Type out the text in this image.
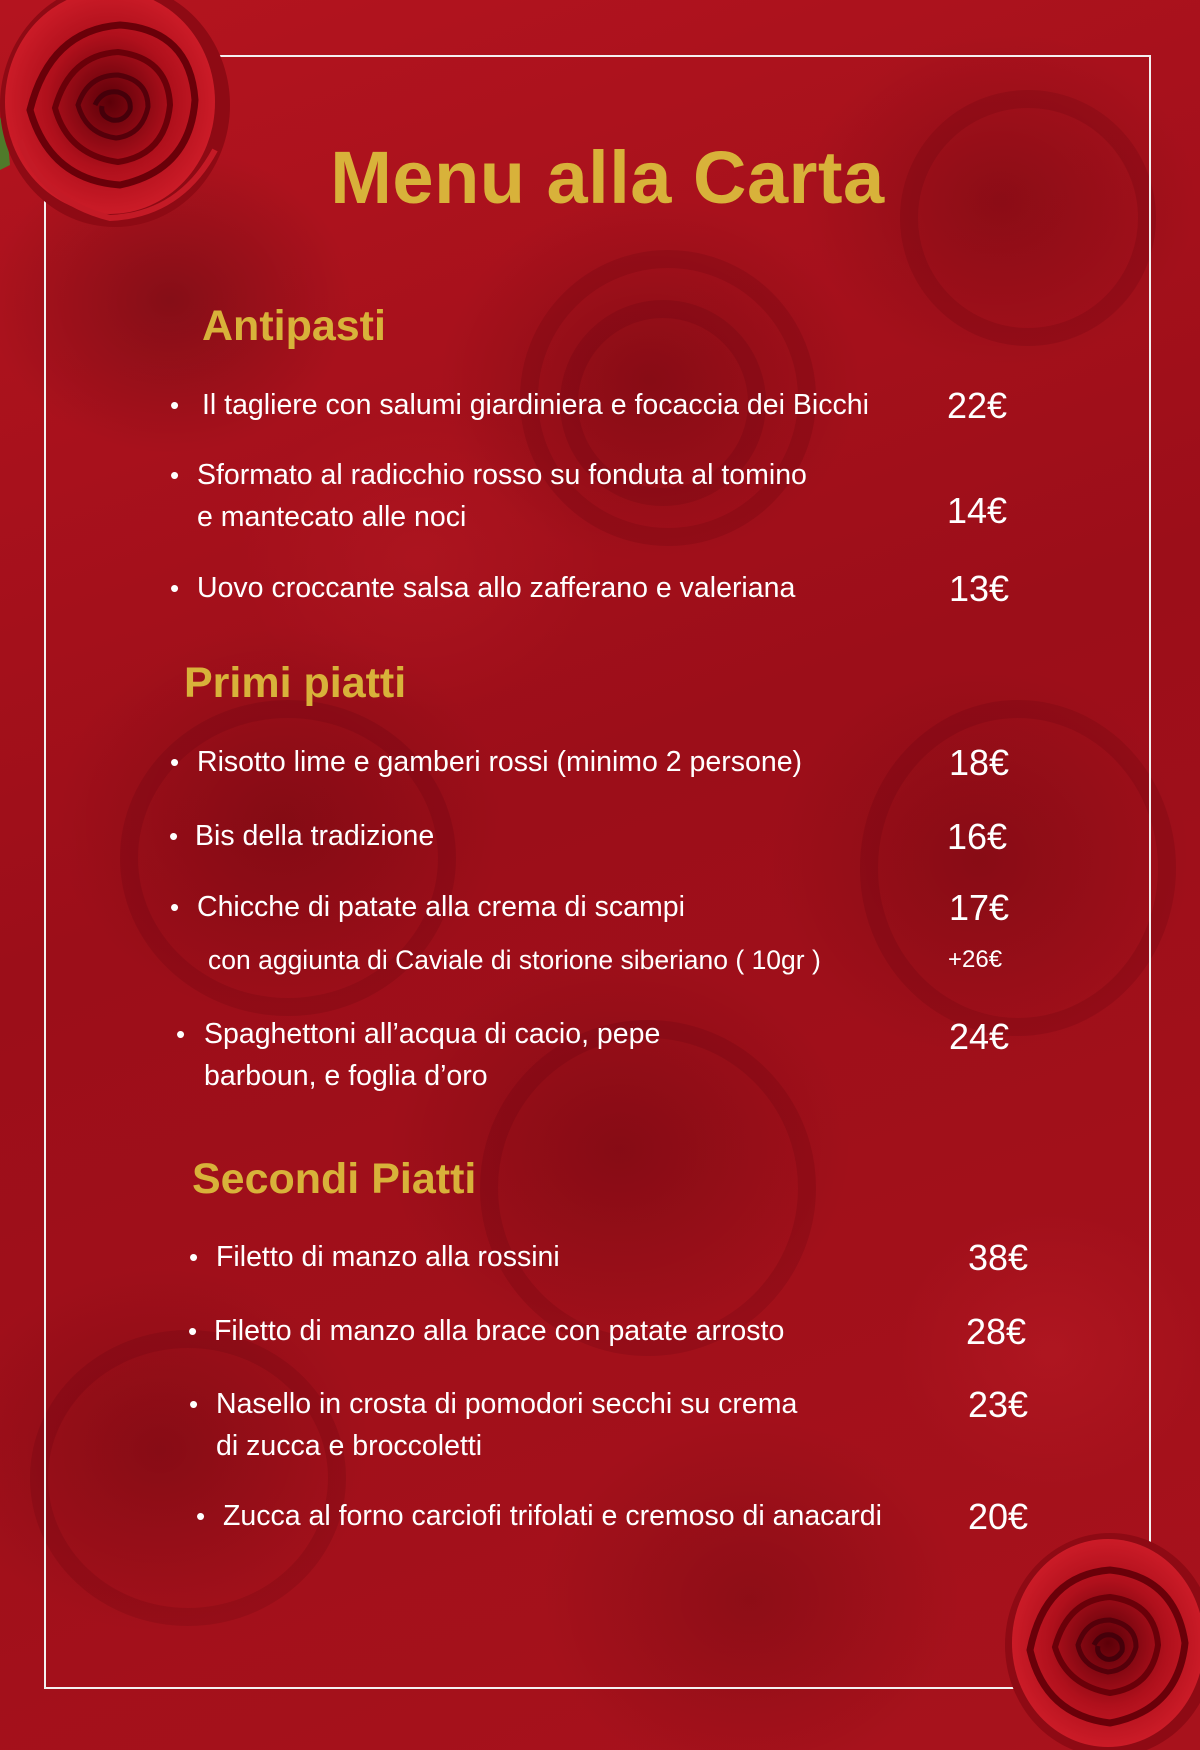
Menu alla Carta
Antipasti
• Il tagliere con salumi giardiniera e focaccia dei Bicchi 22€
• Sformato al radicchio rosso su fonduta al tomino
e mantecato alle noci	14€
• Uovo croccante salsa allo zafferano e valeriana	13€
Primi piatti
• Risotto lime e gamberi rossi (minimo 2 persone)	18€
• Bis della tradizione	16€
• Chicche di patate alla crema di scampi	17€
con aggiunta di Caviale di storione siberiano ( 10gr )	+26€
• Spaghettoni all’acqua di cacio, pepe
barboun, e foglia d’oro
24€
Secondi Piatti
• Filetto di manzo alla rossini	38€
• Filetto di manzo alla brace con patate arrosto	28€
• Nasello in crosta di pomodori secchi su crema
di zucca e broccoletti
23€
• Zucca al forno carciofi trifolati e cremoso di anacardi 20€
